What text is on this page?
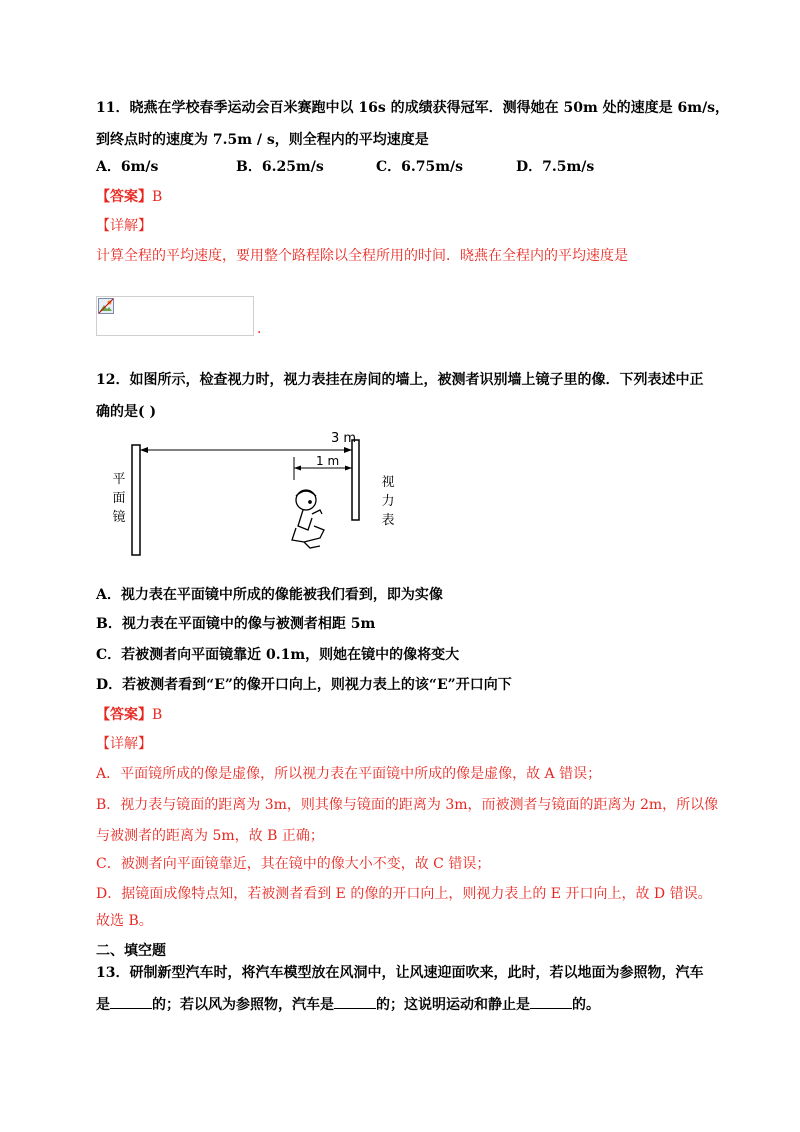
11．晓燕在学校春季运动会百米赛跑中以 16s 的成绩获得冠军．测得她在 50m 处的速度是 6m/s，
到终点时的速度为 7.5m / s，则全程内的平均速度是
A．6m/s	B．6.25m/s	C．6.75m/s	D．7.5m/s
【答案】B
【详解】
计算全程的平均速度，要用整个路程除以全程所用的时间．晓燕在全程内的平均速度是
．
12．如图所示，检查视力时，视力表挂在房间的墙上，被测者识别墙上镜子里的像．下列表述中正
确的是( )
3 m
1 m
平
面
镜
视
力
表
A．视力表在平面镜中所成的像能被我们看到，即为实像
B．视力表在平面镜中的像与被测者相距 5m
C．若被测者向平面镜靠近 0.1m，则她在镜中的像将变大
D．若被测者看到“E”的像开口向上，则视力表上的该“E”开口向下
【答案】B
【详解】
A．平面镜所成的像是虚像，所以视力表在平面镜中所成的像是虚像，故 A 错误；
B．视力表与镜面的距离为 3m，则其像与镜面的距离为 3m，而被测者与镜面的距离为 2m，所以像
与被测者的距离为 5m，故 B 正确；
C．被测者向平面镜靠近，其在镜中的像大小不变，故 C 错误；
D．据镜面成像特点知，若被测者看到 E 的像的开口向上，则视力表上的 E 开口向上，故 D 错误。
故选 B。
二、填空题
13．研制新型汽车时，将汽车模型放在风洞中，让风速迎面吹来，此时，若以地面为参照物，汽车
是	的；若以风为参照物，汽车是	的；这说明运动和静止是	的。
